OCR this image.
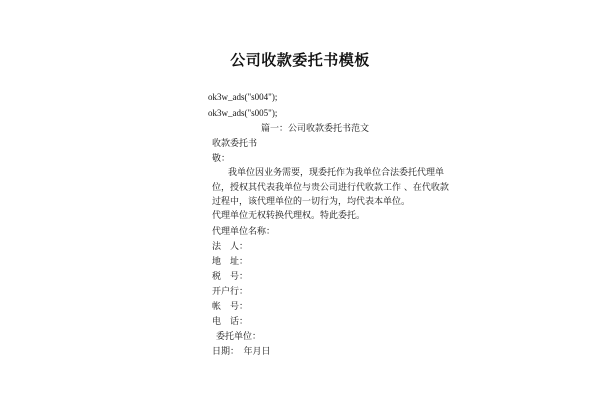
公司收款委托书模板
ok3w_ads("s004");
ok3w_ads("s005");
篇一：公司收款委托书范文
收款委托书
敬：
我单位因业务需要，现委托作为我单位合法委托代理单
位，授权其代表我单位与贵公司进行代收款工作 、在代收款
过程中，该代理单位的一切行为，均代表本单位。
代理单位无权转换代理权。特此委托。
代理单位名称：
法　人：
地　址：
税　号：
开户行：
帐　号：
电　话：
委托单位：
日期：　年月日
